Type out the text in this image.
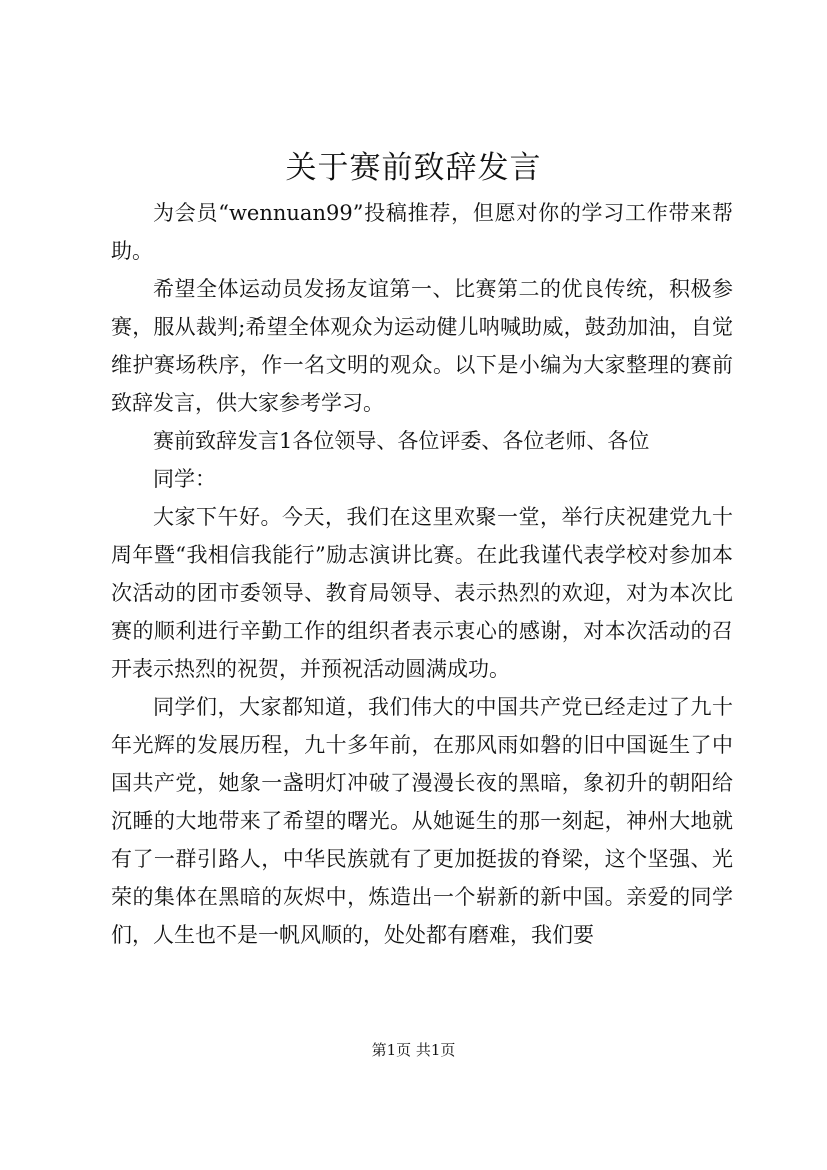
关于赛前致辞发言

为会员“wennuan99”投稿推荐，但愿对你的学习工作带来帮助。

希望全体运动员发扬友谊第一、比赛第二的优良传统，积极参赛，服从裁判;希望全体观众为运动健儿呐喊助威，鼓劲加油，自觉维护赛场秩序，作一名文明的观众。以下是小编为大家整理的赛前致辞发言，供大家参考学习。

赛前致辞发言1各位领导、各位评委、各位老师、各位

同学：

大家下午好。今天，我们在这里欢聚一堂，举行庆祝建党九十周年暨“我相信我能行”励志演讲比赛。在此我谨代表学校对参加本次活动的团市委领导、教育局领导、表示热烈的欢迎，对为本次比赛的顺利进行辛勤工作的组织者表示衷心的感谢，对本次活动的召开表示热烈的祝贺，并预祝活动圆满成功。

同学们，大家都知道，我们伟大的中国共产党已经走过了九十年光辉的发展历程，九十多年前，在那风雨如磐的旧中国诞生了中国共产党，她象一盏明灯冲破了漫漫长夜的黑暗，象初升的朝阳给沉睡的大地带来了希望的曙光。从她诞生的那一刻起，神州大地就有了一群引路人，中华民族就有了更加挺拔的脊梁，这个坚强、光荣的集体在黑暗的灰烬中，炼造出一个崭新的新中国。亲爱的同学们，人生也不是一帆风顺的，处处都有磨难，我们要

第1页 共1页
